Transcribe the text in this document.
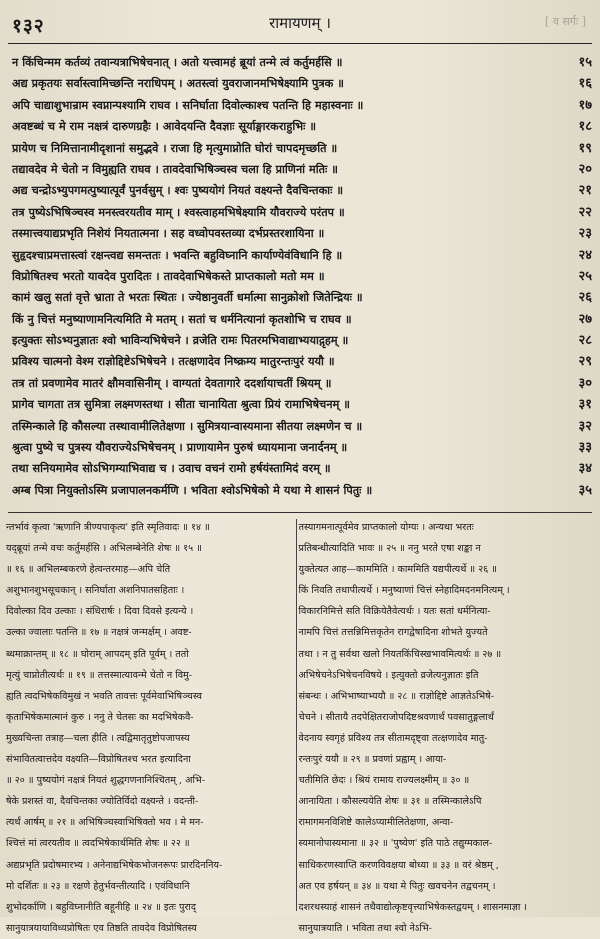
१३२	रामायणम् ।	[ व सर्गः ]
न किंचिन्मम कर्तव्यं तवान्यत्राभिषेचनात् । अतो यत्त्वामहं ब्रूयां तन्मे त्वं कर्तुमर्हसि ॥	१५
अद्य प्रकृतयः सर्वास्त्वामिच्छन्ति नराधिपम् । अतस्त्वां युवराजानमभिषेक्ष्यामि पुत्रक ॥	१६
अपि चाद्याशुभान्राम स्वप्नान्पश्यामि राघव । सनिर्घाता दिवोल्काश्च पतन्ति हि महास्वनाः ॥	१७
अवष्टब्धं च मे राम नक्षत्रं दारुणग्रहैः । आवेदयन्ति दैवज्ञाः सूर्याङ्गारकराहुभिः ॥	१८
प्रायेण च निमित्तानामीदृशानां समुद्भवे । राजा हि मृत्युमाप्नोति घोरां चापदमृच्छति ॥	१९
तद्यावदेव मे चेतो न विमुह्यति राघव । तावदेवाभिषिञ्चस्व चला हि प्राणिनां मतिः ॥	२०
अद्य चन्द्रोऽभ्युपगमत्पुष्यात्पूर्वं पुनर्वसुम् । श्वः पुष्ययोगं नियतं वक्ष्यन्ते दैवचिन्तकाः ॥	२१
तत्र पुष्येऽभिषिञ्चस्व मनस्त्वरयतीव माम् । श्वस्त्वाहमभिषेक्ष्यामि यौवराज्ये परंतप ॥	२२
तस्मात्त्वयाद्यप्रभृति निशेयं नियतात्मना । सह वध्वोपवस्तव्या दर्भप्रस्तरशायिना ॥	२३
सुहृदश्चाप्रमत्तास्त्वां रक्षन्त्वद्य समन्ततः । भवन्ति बहुविघ्नानि कार्याण्येवंविधानि हि ॥	२४
विप्रोषितश्च भरतो यावदेव पुरादितः । तावदेवाभिषेकस्ते प्राप्तकालो मतो मम ॥	२५
कामं खलु सतां वृत्ते भ्राता ते भरतः स्थितः । ज्येष्ठानुवर्ती धर्मात्मा सानुक्रोशो जितेन्द्रियः ॥	२६
किं नु चित्तं मनुष्याणामनित्यमिति मे मतम् । सतां च धर्मनित्यानां कृतशोभि च राघव ॥	२७
इत्युक्तः सोऽभ्यनुज्ञातः श्वो भाविन्यभिषेचने । व्रजेति रामः पितरमभिवाद्याभ्ययाद्गृहम् ॥	२८
प्रविश्य चात्मनो वेश्म राज्ञोद्दिष्टेऽभिषेचने । तत्क्षणादेव निष्क्रम्य मातुरन्तःपुरं ययौ ॥	२९
तत्र तां प्रवणामेव मातरं क्षौमवासिनीम् । वाग्यतां देवतागारे ददर्शायाचतीं श्रियम् ॥	३०
प्रागेव चागता तत्र सुमित्रा लक्ष्मणस्तथा । सीता चानायिता श्रुत्वा प्रियं रामाभिषेचनम् ॥	३१
तस्मिन्काले हि कौसल्या तस्थावामीलितेक्षणा । सुमित्रयान्वास्यमाना सीतया लक्ष्मणेन च ॥	३२
श्रुत्वा पुष्ये च पुत्रस्य यौवराज्येऽभिषेचनम् । प्राणायामेन पुरुषं ध्यायमाना जनार्दनम् ॥	३३
तथा सनियमामेव सोऽभिगम्याभिवाद्य च । उवाच वचनं रामो हर्षयंस्तामिदं वरम् ॥	३४
अम्ब पित्रा नियुक्तोऽस्मि प्रजापालनकर्मणि । भविता श्वोऽभिषेको मे यथा मे शासनं पितुः ॥	३५
न्तर्भावं कृत्वा 'ऋणानि त्रीण्यपाकृत्य' इति स्मृतिवादः ॥ १४ ॥
यद्ब्रूयां तन्मे वचः कर्तुमर्हसि । अभिलम्बेनेति शेषः ॥ १५ ॥
॥ १६ ॥ अभिलम्बकरणे हेत्वन्तरमाह—अपि चेति
अशुभानशुभसूचकान् । सनिर्घाता अशनिपातसहिताः ।
दिवोल्का दिव उल्काः । संधिरार्षः । दिवा दिवसे इत्यन्ये ।
उल्का ज्वालाः पतन्ति ॥ १७ ॥ नक्षत्रं जन्मर्क्षम् । अवष्ट-
ब्धमाक्रान्तम् ॥ १८ ॥ घोराम् आपदम् इति पूर्वम् । ततो
मृत्युं चाप्नोतीत्यर्थः ॥ १९ ॥ तत्तस्मात्यावन्मे चेतो न विमु-
ह्यति त्वदभिषेकविमुखं न भवति तावत्तः पूर्वमेवाभिषिञ्चस्व
कृताभिषेकमात्मानं कुरु । ननु ते चेतसः का मदभिषेकवै-
मुख्यचिन्ता तत्राह—चला हीति । त्वद्विमातृतुष्टोपजापस्य
संभावितत्वात्तदेव वक्ष्यति—विप्रोषितश्च भरत इत्यादिना
॥ २० ॥ पुष्ययोगं नक्षत्रं नियतं शुद्धगणनानिश्चितम् , अभि-
षेके प्रशस्तं वा, दैवचिन्तका ज्योतिर्विदो वक्ष्यन्ते । वदन्ती-
त्यर्थं आर्षम् ॥ २१ ॥ अभिषिञ्चस्वाभिषिक्तो भव । मे मन-
श्चित्तं मां त्वरयतीव ॥ त्वदभिषेकार्थमिति शेषः ॥ २२ ॥
अद्यप्रभृति प्रदोषमारभ्य । अनेनाद्यभिषेकभोजनरूपः प्रारदिननिय-
मो दर्शितः ॥ २३ ॥ रक्षणे हेतुर्भवन्तीत्यादि । एवंविधानि
शुभोदर्काणि । बहुविघ्नानीति बहूनीहि ॥ २४ ॥ इतः पुराद्
सानुयात्रयायाविध्यप्रोषितः एव तिष्ठति तावदेव विप्रोषितस्य
तस्यागमनात्पूर्वमेव प्राप्तकालो योग्यः । अन्यथा भरतः
प्रतिबन्धीत्यादिति भावः ॥ २५ ॥ ननु भरते एषा शङ्का न
युक्तेत्यत आह—काममिति । काममिति यद्यपीत्यर्थे ॥ २६ ॥
किं निवति तथापीत्यर्थे । मनुष्याणां चित्तं स्नेहादिमदनमनित्यम् ।
विकारनिमित्ते सति विक्रियेतैवेत्यर्थः । यतः सतां धर्मनित्या-
नामपि चित्तं तत्तन्निमित्तकृतेन रागद्वेषादिना शोभते युज्यते
तथा । न तु सर्वथा खलो नियतकिंचिस्खभावमित्यर्थः ॥ २७ ॥
अभिषेचनेऽभिषेचनविषये । इत्युक्तो व्रजेत्यनुज्ञातः इति
संबन्धः । अभिभाष्याभ्ययौ ॥ २८ ॥ राज्ञोद्दिष्टे आज्ञतेऽभिषे-
चेचने । सीतायै तदपेक्षितराजोपदिष्टश्रवणार्थं पवसातुङ्गलार्थं
वेदनाय स्वगृहं प्रविश्य तत्र सीतामदृष्ट्वा तत्क्षणादेव मातु-
रन्तःपुरं ययौ ॥ २९ ॥ प्रवणां प्रह्वाम् । आया-
चतीमिति छेदः । श्रियं रामाय राज्यलक्ष्मीम् ॥ ३० ॥
आनायिता । कौसल्ययेति शेषः ॥ ३१ ॥ तस्मिन्कालेऽपि
रामागमनविशिष्टे कालेऽप्यामीलितेक्षणा, अन्वा-
स्यमानोपास्यमाना ॥ ३२ ॥ 'पुष्येण' इति पाठे तद्युग्मकाल-
साधिकरणस्वाप्ति करणविवक्षया बोध्या ॥ ३३ ॥ वरं श्रेष्ठम् ,
अत एव हर्षयन् ॥ ३४ ॥ यथा मे पितुः खवचनेन तद्वचनम् ।
दशरथस्याहं शासनं तथैवाद्योत्कृष्टवृत्त्याभिषेकस्तद्वयम् । शासनमाज्ञा ।
सानुयात्रयाति । भविता तथा श्वो नेऽभि-
